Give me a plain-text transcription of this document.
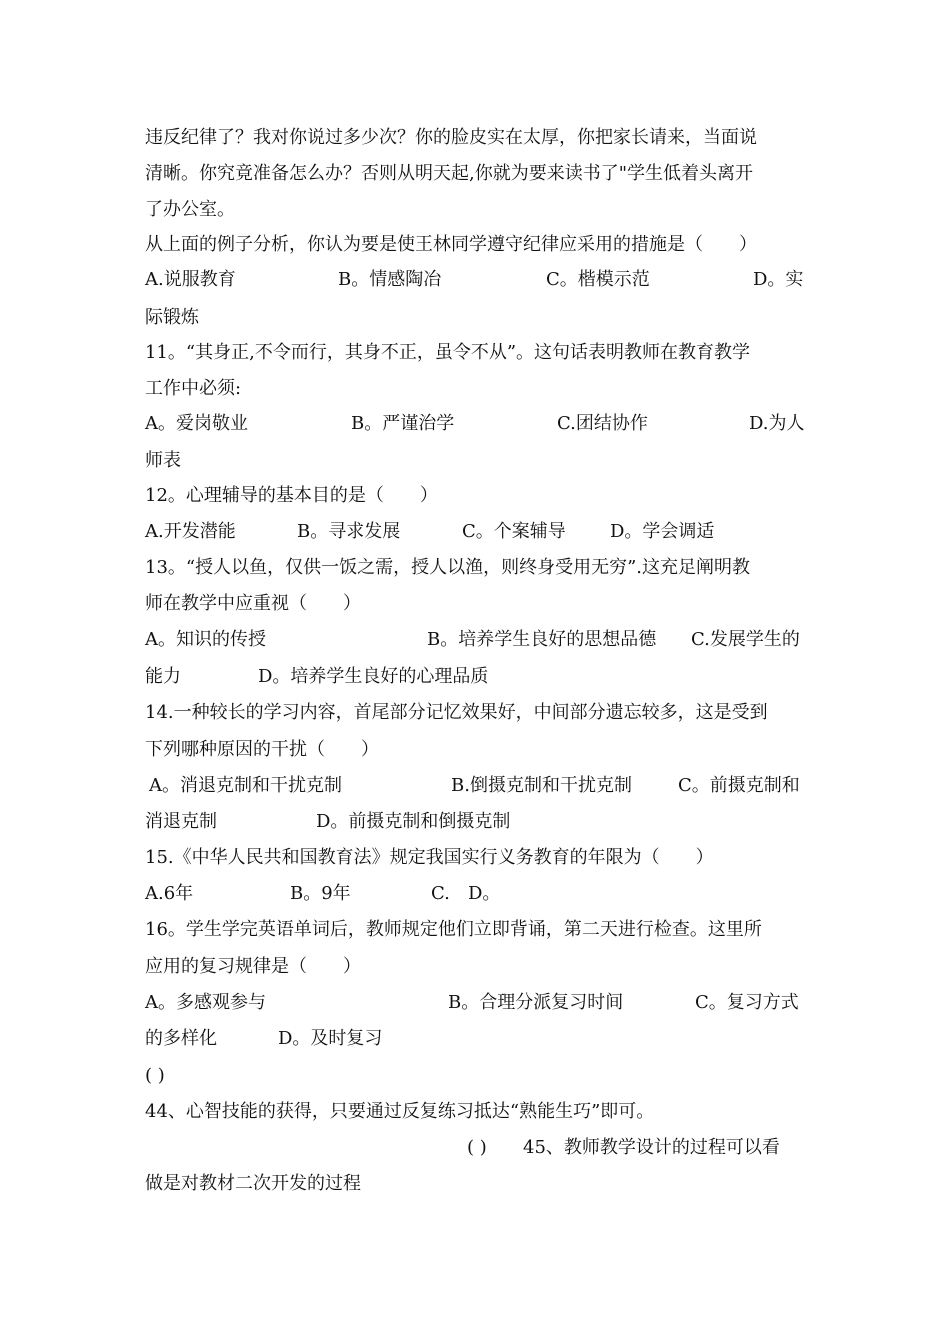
违反纪律了？我对你说过多少次？你的脸皮实在太厚，你把家长请来，当面说
清晰。你究竟准备怎么办？否则从明天起,你就为要来读书了"学生低着头离开
了办公室。
从上面的例子分析，你认为要是使王林同学遵守纪律应采用的措施是（　　）
A.说服教育	B。情感陶冶	C。楷模示范	D。实
际锻炼
11。“其身正,不令而行，其身不正，虽令不从”。这句话表明教师在教育教学
工作中必须:
A。爱岗敬业	B。严谨治学	C.团结协作	D.为人
师表
12。心理辅导的基本目的是（　　）
A.开发潜能	B。寻求发展	C。个案辅导 D。学会调适
13。“授人以鱼，仅供一饭之需，授人以渔，则终身受用无穷”.这充足阐明教
师在教学中应重视（　　）
A。知识的传授	B。培养学生良好的思想品德 C.发展学生的
能力	D。培养学生良好的心理品质
14.一种较长的学习内容，首尾部分记忆效果好，中间部分遗忘较多，这是受到
下列哪种原因的干扰（　　）
A。消退克制和干扰克制	B.倒摄克制和干扰克制	C。前摄克制和
消退克制	D。前摄克制和倒摄克制
15.《中华人民共和国教育法》规定我国实行义务教育的年限为（　　）
A.6年	B。9年	C. D。
16。学生学完英语单词后，教师规定他们立即背诵，第二天进行检查。这里所
应用的复习规律是（　　）
A。多感观参与	B。合理分派复习时间	C。复习方式
的多样化	D。及时复习
( )
44、心智技能的获得，只要通过反复练习抵达“熟能生巧”即可。
( ) 45、教师教学设计的过程可以看
做是对教材二次开发的过程
